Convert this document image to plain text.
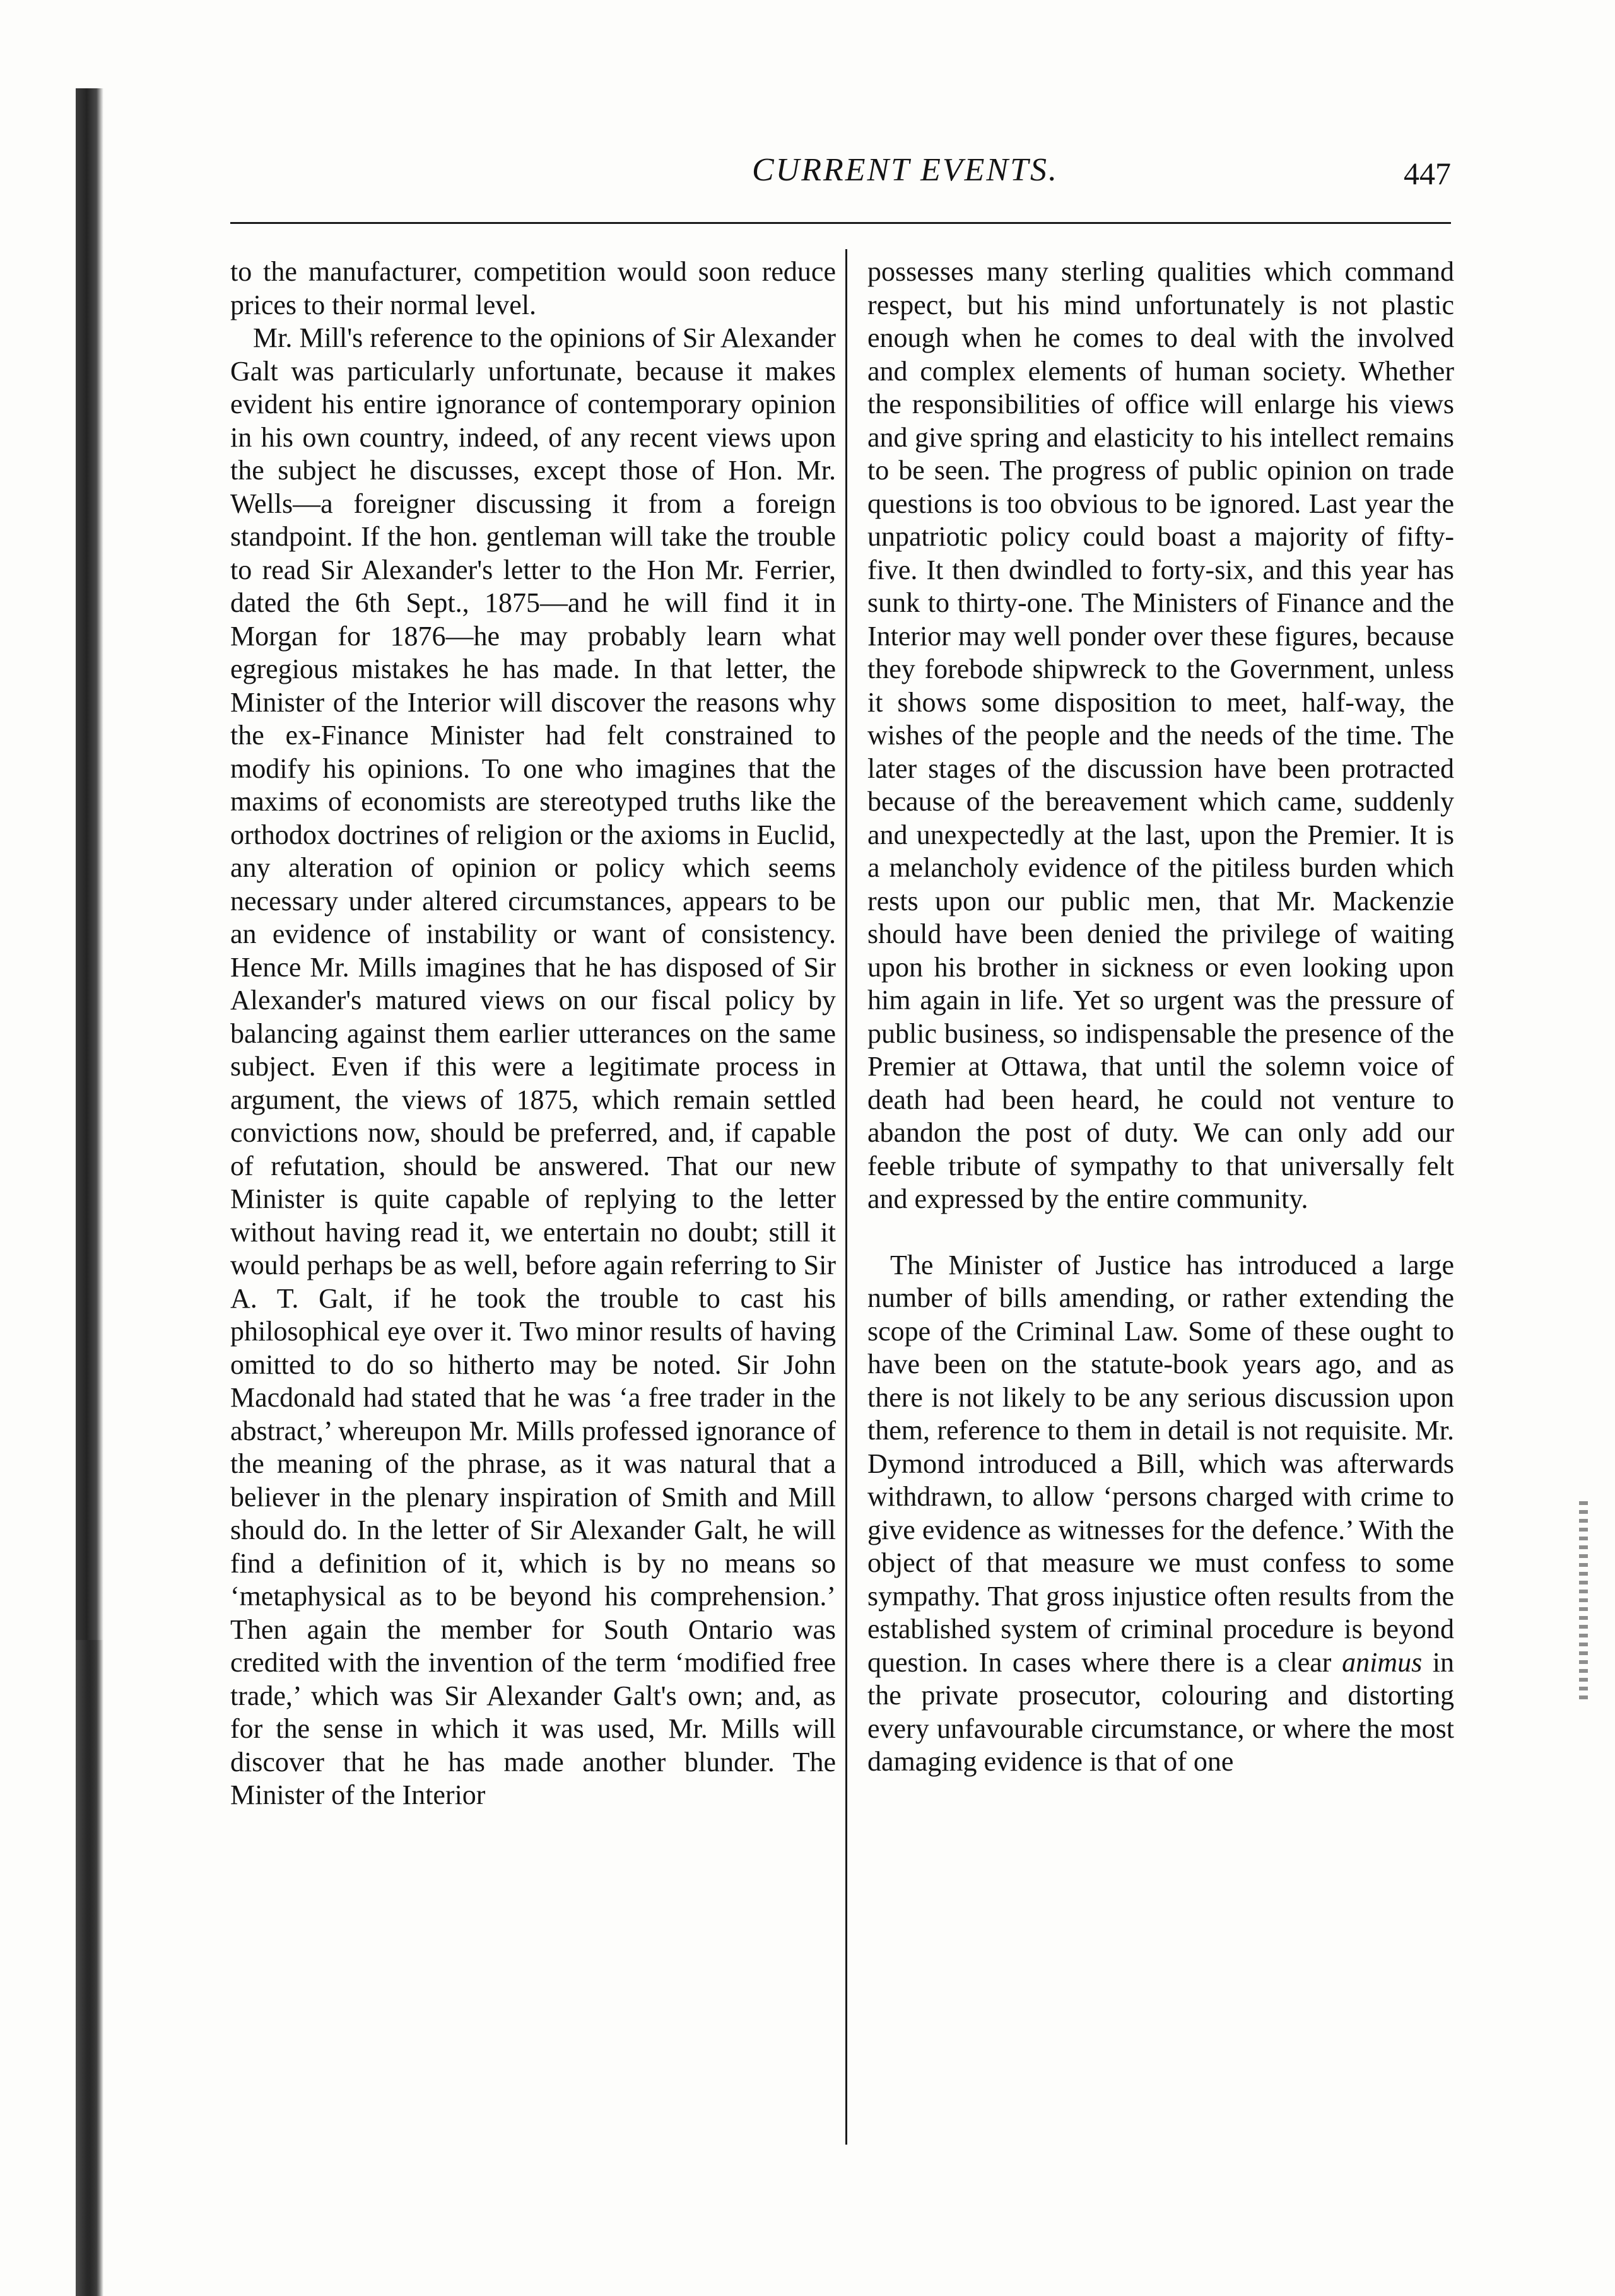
CURRENT EVENTS.	447

to the manufacturer, competition would soon reduce prices to their normal level.

Mr. Mill's reference to the opinions of Sir Alexander Galt was particularly unfortunate, because it makes evident his entire ignorance of contemporary opinion in his own country, indeed, of any recent views upon the subject he discusses, except those of Hon. Mr. Wells—a foreigner discussing it from a foreign standpoint. If the hon. gentleman will take the trouble to read Sir Alexander's letter to the Hon Mr. Ferrier, dated the 6th Sept., 1875—and he will find it in Morgan for 1876—he may probably learn what egregious mistakes he has made. In that letter, the Minister of the Interior will discover the reasons why the ex-Finance Minister had felt constrained to modify his opinions. To one who imagines that the maxims of economists are stereotyped truths like the orthodox doctrines of religion or the axioms in Euclid, any alteration of opinion or policy which seems necessary under altered circumstances, appears to be an evidence of instability or want of consistency. Hence Mr. Mills imagines that he has disposed of Sir Alexander's matured views on our fiscal policy by balancing against them earlier utterances on the same subject. Even if this were a legitimate process in argument, the views of 1875, which remain settled convictions now, should be preferred, and, if capable of refutation, should be answered. That our new Minister is quite capable of replying to the letter without having read it, we entertain no doubt; still it would perhaps be as well, before again referring to Sir A. T. Galt, if he took the trouble to cast his philosophical eye over it. Two minor results of having omitted to do so hitherto may be noted. Sir John Macdonald had stated that he was ‘a free trader in the abstract,’ whereupon Mr. Mills professed ignorance of the meaning of the phrase, as it was natural that a believer in the plenary inspiration of Smith and Mill should do. In the letter of Sir Alexander Galt, he will find a definition of it, which is by no means so ‘metaphysical as to be beyond his comprehension.’ Then again the member for South Ontario was credited with the invention of the term ‘modified free trade,’ which was Sir Alexander Galt's own; and, as for the sense in which it was used, Mr. Mills will discover that he has made another blunder. The Minister of the Interior

possesses many sterling qualities which command respect, but his mind unfortunately is not plastic enough when he comes to deal with the involved and complex elements of human society. Whether the responsibilities of office will enlarge his views and give spring and elasticity to his intellect remains to be seen. The progress of public opinion on trade questions is too obvious to be ignored. Last year the unpatriotic policy could boast a majority of fifty-five. It then dwindled to forty-six, and this year has sunk to thirty-one. The Ministers of Finance and the Interior may well ponder over these figures, because they forebode shipwreck to the Government, unless it shows some disposition to meet, half-way, the wishes of the people and the needs of the time. The later stages of the discussion have been protracted because of the bereavement which came, suddenly and unexpectedly at the last, upon the Premier. It is a melancholy evidence of the pitiless burden which rests upon our public men, that Mr. Mackenzie should have been denied the privilege of waiting upon his brother in sickness or even looking upon him again in life. Yet so urgent was the pressure of public business, so indispensable the presence of the Premier at Ottawa, that until the solemn voice of death had been heard, he could not venture to abandon the post of duty. We can only add our feeble tribute of sympathy to that universally felt and expressed by the entire community.

The Minister of Justice has introduced a large number of bills amending, or rather extending the scope of the Criminal Law. Some of these ought to have been on the statute-book years ago, and as there is not likely to be any serious discussion upon them, reference to them in detail is not requisite. Mr. Dymond introduced a Bill, which was afterwards withdrawn, to allow ‘persons charged with crime to give evidence as witnesses for the defence.’ With the object of that measure we must confess to some sympathy. That gross injustice often results from the established system of criminal procedure is beyond question. In cases where there is a clear animus in the private prosecutor, colouring and distorting every unfavourable circumstance, or where the most damaging evidence is that of one
